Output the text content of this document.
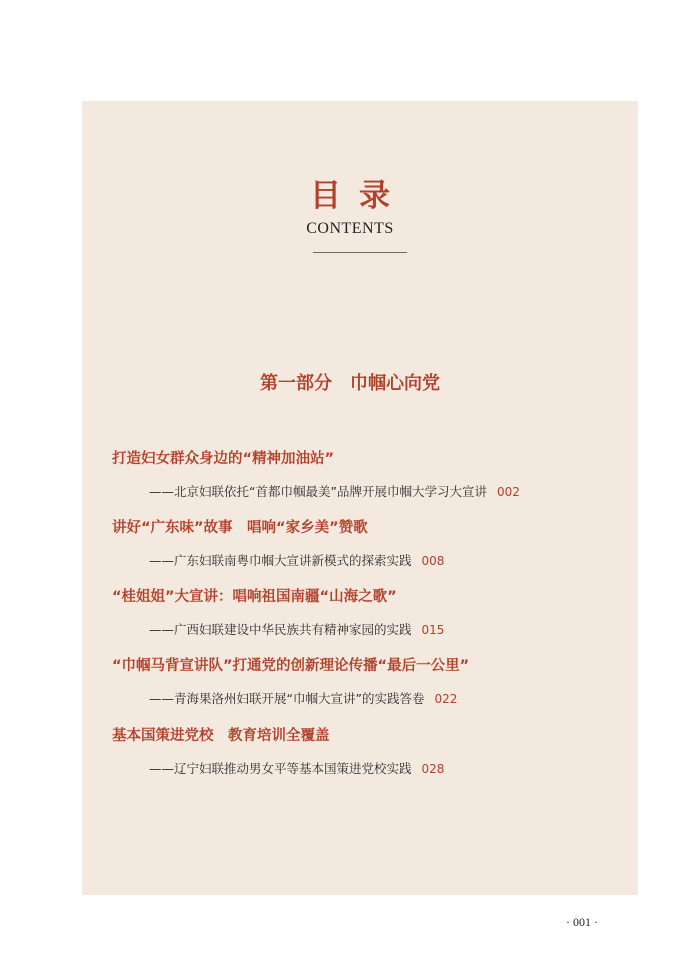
目录
CONTENTS
第一部分　巾帼心向党
打造妇女群众身边的“精神加油站”
——北京妇联依托“首都巾帼最美”品牌开展巾帼大学习大宣讲 002
讲好“广东味”故事　唱响“家乡美”赞歌
——广东妇联南粤巾帼大宣讲新模式的探索实践 008
“桂姐姐”大宣讲：唱响祖国南疆“山海之歌”
——广西妇联建设中华民族共有精神家园的实践 015
“巾帼马背宣讲队”打通党的创新理论传播“最后一公里”
——青海果洛州妇联开展“巾帼大宣讲”的实践答卷 022
基本国策进党校　教育培训全覆盖
——辽宁妇联推动男女平等基本国策进党校实践 028
· 001 ·
